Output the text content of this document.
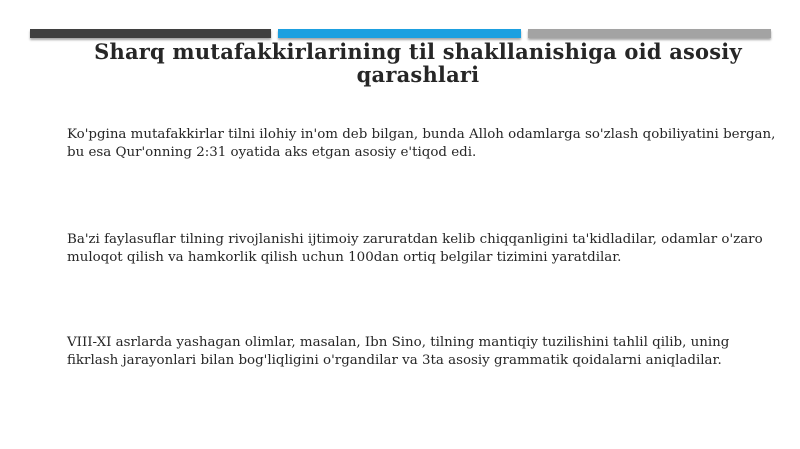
Sharq mutafakkirlarining til shakllanishiga oid asosiy qarashlari

Ko'pgina mutafakkirlar tilni ilohiy in'om deb bilgan, bunda Alloh odamlarga so'zlash qobiliyatini bergan, bu esa Qur'onning 2:31 oyatida aks etgan asosiy e'tiqod edi.

Ba'zi faylasuflar tilning rivojlanishi ijtimoiy zaruratdan kelib chiqqanligini ta'kidladilar, odamlar o'zaro muloqot qilish va hamkorlik qilish uchun 100dan ortiq belgilar tizimini yaratdilar.

VIII-XI asrlarda yashagan olimlar, masalan, Ibn Sino, tilning mantiqiy tuzilishini tahlil qilib, uning fikrlash jarayonlari bilan bog'liqligini o'rgandilar va 3ta asosiy grammatik qoidalarni aniqladilar.
